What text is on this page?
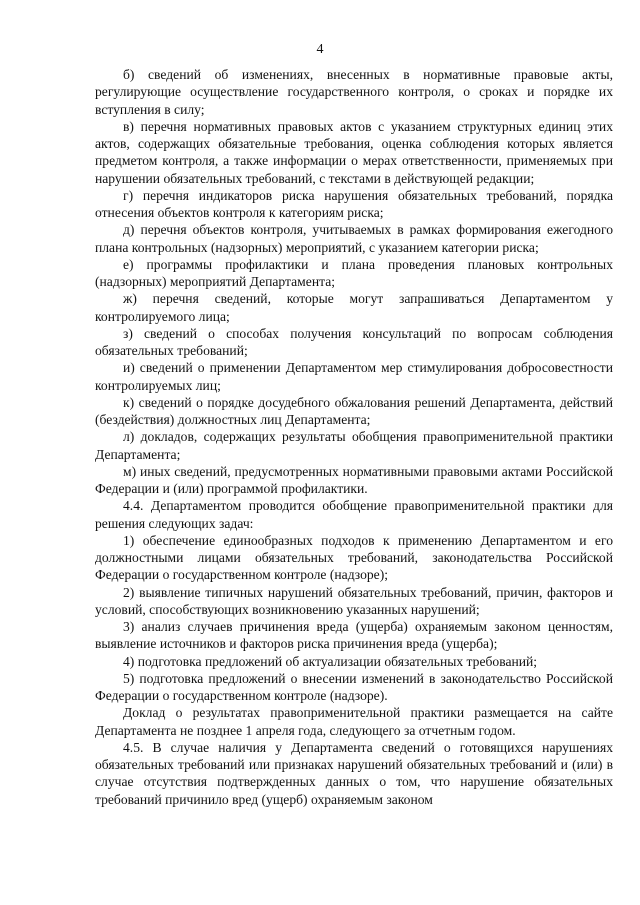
4

б) сведений об изменениях, внесенных в нормативные правовые акты, регулирующие осуществление государственного контроля, о сроках и порядке их вступления в силу;

в) перечня нормативных правовых актов с указанием структурных единиц этих актов, содержащих обязательные требования, оценка соблюдения которых является предметом контроля, а также информации о мерах ответственности, применяемых при нарушении обязательных требований, с текстами в действующей редакции;

г) перечня индикаторов риска нарушения обязательных требований, порядка отнесения объектов контроля к категориям риска;

д) перечня объектов контроля, учитываемых в рамках формирования ежегодного плана контрольных (надзорных) мероприятий, с указанием категории риска;

е) программы профилактики и плана проведения плановых контрольных (надзорных) мероприятий Департамента;

ж) перечня сведений, которые могут запрашиваться Департаментом у контролируемого лица;

з) сведений о способах получения консультаций по вопросам соблюдения обязательных требований;

и) сведений о применении Департаментом мер стимулирования добросовестности контролируемых лиц;

к) сведений о порядке досудебного обжалования решений Департамента, действий (бездействия) должностных лиц Департамента;

л) докладов, содержащих результаты обобщения правоприменительной практики Департамента;

м) иных сведений, предусмотренных нормативными правовыми актами Российской Федерации и (или) программой профилактики.

4.4. Департаментом проводится обобщение правоприменительной практики для решения следующих задач:

1) обеспечение единообразных подходов к применению Департаментом и его должностными лицами обязательных требований, законодательства Российской Федерации о государственном контроле (надзоре);

2) выявление типичных нарушений обязательных требований, причин, факторов и условий, способствующих возникновению указанных нарушений;

3) анализ случаев причинения вреда (ущерба) охраняемым законом ценностям, выявление источников и факторов риска причинения вреда (ущерба);

4) подготовка предложений об актуализации обязательных требований;

5) подготовка предложений о внесении изменений в законодательство Российской Федерации о государственном контроле (надзоре).

Доклад о результатах правоприменительной практики размещается на сайте Департамента не позднее 1 апреля года, следующего за отчетным годом.

4.5. В случае наличия у Департамента сведений о готовящихся нарушениях обязательных требований или признаках нарушений обязательных требований и (или) в случае отсутствия подтвержденных данных о том, что нарушение обязательных требований причинило вред (ущерб) охраняемым законом
